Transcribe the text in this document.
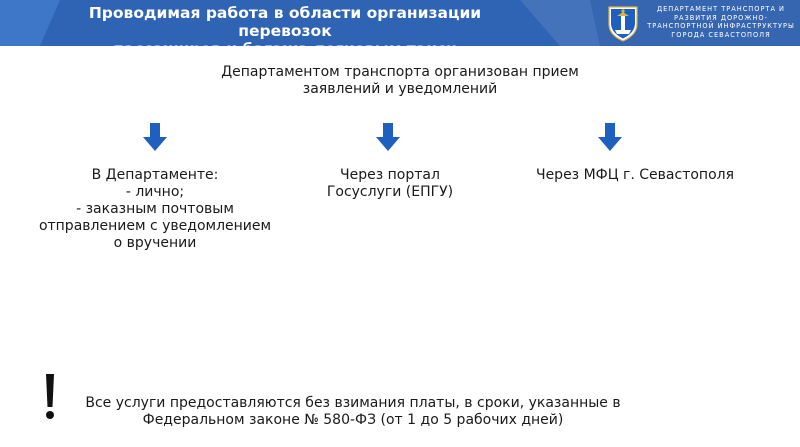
Проводимая работа в области организации перевозок
пассажиров и багажа легковым такси
ДЕПАРТАМЕНТ ТРАНСПОРТА И
РАЗВИТИЯ ДОРОЖНО-
ТРАНСПОРТНОЙ ИНФРАСТРУКТУРЫ
ГОРОДА СЕВАСТОПОЛЯ
Департаментом транспорта организован прием
заявлений и уведомлений
В Департаменте:
- лично;
- заказным почтовым
отправлением с уведомлением
о вручении
Через портал
Госуслуги (ЕПГУ)
Через МФЦ г. Севастополя
Все услуги предоставляются без взимания платы, в сроки, указанные в
Федеральном законе № 580-ФЗ (от 1 до 5 рабочих дней)
